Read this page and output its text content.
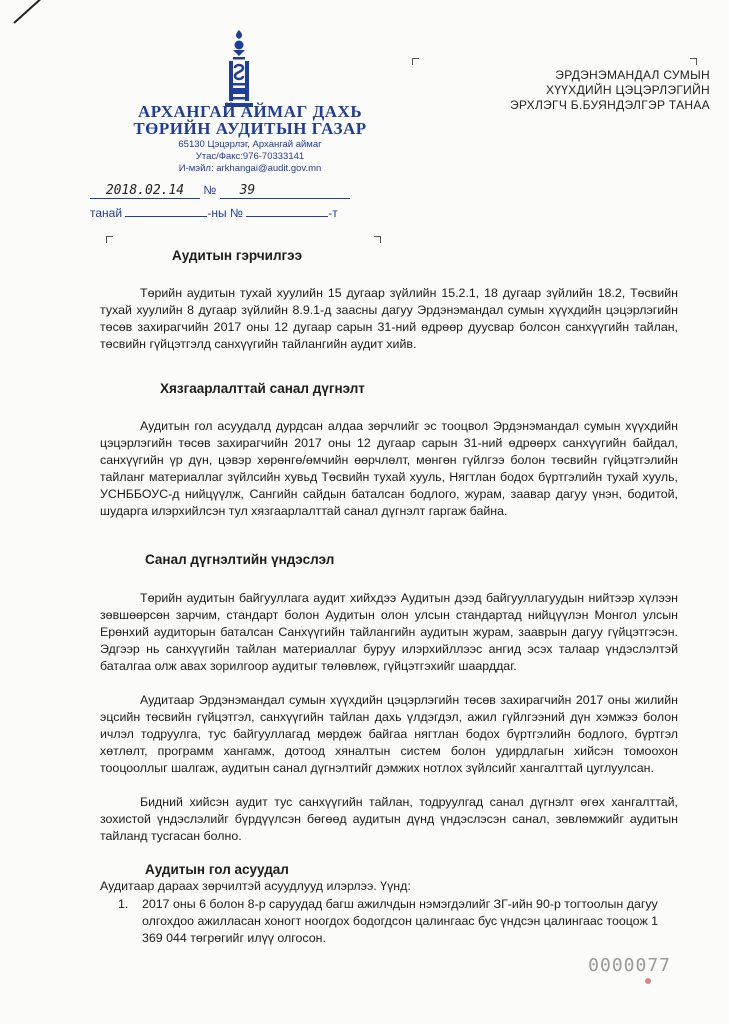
АРХАНГАЙ АЙМАГ ДАХЬ
ТӨРИЙН АУДИТЫН ГАЗАР
65130 Цэцэрлэг, Архангай аймаг
Утас/Факс:976-70333141
И-мэйл: arkhangai@audit.gov.mn
2018.02.14 № 39
танай	-ны №	-т
ЭРДЭНЭМАНДАЛ СУМЫН
ХҮҮХДИЙН ЦЭЦЭРЛЭГИЙН
ЭРХЛЭГЧ Б.БУЯНДЭЛГЭР ТАНАА
Аудитын гэрчилгээ

Төрийн аудитын тухай хуулийн 15 дугаар зүйлийн 15.2.1, 18 дугаар зүйлийн 18.2, Төсвийн тухай хуулийн 8 дугаар зүйлийн 8.9.1-д заасны дагуу Эрдэнэмандал сумын хүүхдийн цэцэрлэгийн төсөв захирагчийн 2017 оны 12 дугаар сарын 31-ний өдрөөр дуусвар болсон санхүүгийн тайлан, төсвийн гүйцэтгэлд санхүүгийн тайлангийн аудит хийв.

Хязгаарлалттай санал дүгнэлт

Аудитын гол асуудалд дурдсан алдаа зөрчлийг эс тооцвол Эрдэнэмандал сумын хүүхдийн цэцэрлэгийн төсөв захирагчийн 2017 оны 12 дугаар сарын 31-ний өдрөөрх санхүүгийн байдал, санхүүгийн үр дүн, цэвэр хөрөнгө/өмчийн өөрчлөлт, мөнгөн гүйлгээ болон төсвийн гүйцэтгэлийн тайланг материаллаг зүйлсийн хувьд Төсвийн тухай хууль, Нягтлан бодох бүртгэлийн тухай хууль, УСНББОУС-д нийцүүлж, Сангийн сайдын баталсан бодлого, журам, заавар дагуу үнэн, бодитой, шударга илэрхийлсэн тул хязгаарлалттай санал дүгнэлт гаргаж байна.

Санал дүгнэлтийн үндэслэл

Төрийн аудитын байгууллага аудит хийхдээ Аудитын дээд байгууллагуудын нийтээр хүлээн зөвшөөрсөн зарчим, стандарт болон Аудитын олон улсын стандартад нийцүүлэн Монгол улсын Ерөнхий аудиторын баталсан Санхүүгийн тайлангийн аудитын журам, зааврын дагуу гүйцэтгэсэн. Эдгээр нь санхүүгийн тайлан материаллаг буруу илэрхийллээс ангид эсэх талаар үндэслэлтэй баталгаа олж авах зорилгоор аудитыг төлөвлөж, гүйцэтгэхийг шаарддаг.

Аудитаар Эрдэнэмандал сумын хүүхдийн цэцэрлэгийн төсөв захирагчийн 2017 оны жилийн эцсийн төсвийн гүйцэтгэл, санхүүгийн тайлан дахь үлдэгдэл, ажил гүйлгээний дүн хэмжээ болон ичлэл тодруулга, тус байгууллагад мөрдөж байгаа нягтлан бодох бүртгэлийн бодлого, бүртгэл хөтлөлт, программ хангамж, дотоод хяналтын систем болон удирдлагын хийсэн томоохон тооцооллыг шалгаж, аудитын санал дүгнэлтийг дэмжих нотлох зүйлсийг хангалттай цуглуулсан.

Бидний хийсэн аудит тус санхүүгийн тайлан, тодруулгад санал дүгнэлт өгөх хангалттай, зохистой үндэслэлийг бүрдүүлсэн бөгөөд аудитын дүнд үндэслэсэн санал, зөвлөмжийг аудитын тайланд тусгасан болно.

Аудитын гол асуудал

Аудитаар дараах зөрчилтэй асуудлууд илэрлээ. Үүнд:

1. 2017 оны 6 болон 8-р саруудад багш ажилчдын нэмэгдэлийг ЗГ-ийн 90-р тогтоолын дагуу олгохдоо ажилласан хоногт ноогдох бодогдсон цалингаас бус үндсэн цалингаас тооцож 1 369 044 төгрөгийг илүү олгосон.
0000077
